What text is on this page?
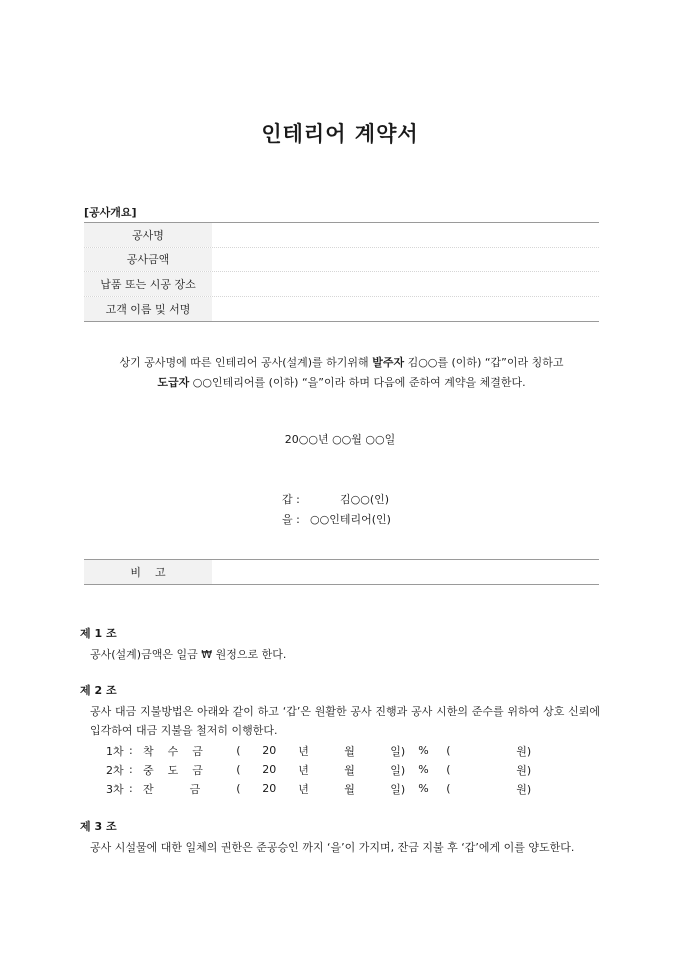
인테리어 계약서
[공사개요]
공사명
공사금액
납품 또는 시공 장소
고객 이름 및 서명
상기 공사명에 따른 인테리어 공사(설계)를 하기위해 발주자 김○○를 (이하) “갑”이라 칭하고
도급자 ○○인테리어를 (이하) “을”이라 하며 다음에 준하여 계약을 체결한다.
20○○년 ○○월 ○○일
갑 :	김○○(인)
을 : ○○인테리어(인)
비고
제 1 조
공사(설계)금액은 일금 ₩ 원정으로 한다.
제 2 조
공사 대금 지불방법은 아래와 같이 하고 ‘갑’은 원활한 공사 진행과 공사 시한의 준수를 위하여 상호 신뢰에 입각하여 대금 지불을 철저히 이행한다.
1차	:	착수금	(	20	년	월	일)	%	(	원)
2차	:	중도금	(	20	년	월	일)	%	(	원)
3차	:	잔금	(	20	년	월	일)	%	(	원)
제 3 조
공사 시설물에 대한 일체의 권한은 준공승인 까지 ‘을’이 가지며, 잔금 지불 후 ‘갑’에게 이를 양도한다.
